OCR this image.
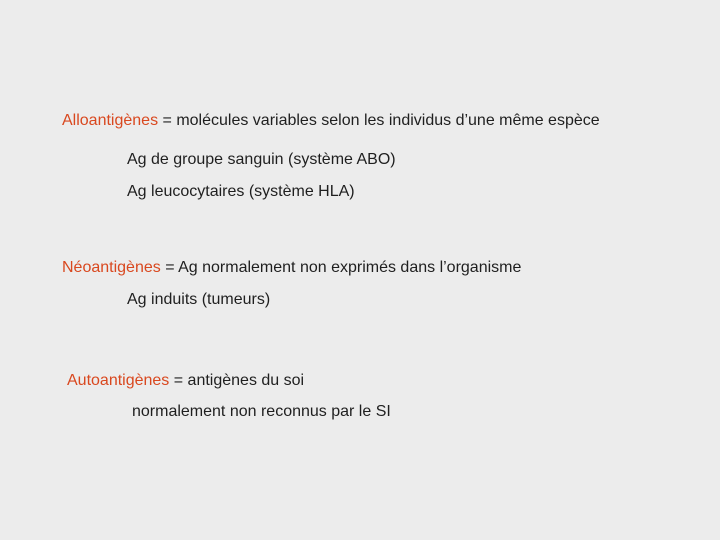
Alloantigènes = molécules variables selon les individus d’une même espèce
Ag de groupe sanguin (système ABO)
Ag leucocytaires (système HLA)
Néoantigènes = Ag normalement non exprimés dans l’organisme
Ag induits (tumeurs)
Autoantigènes = antigènes du soi
normalement non reconnus par le SI
